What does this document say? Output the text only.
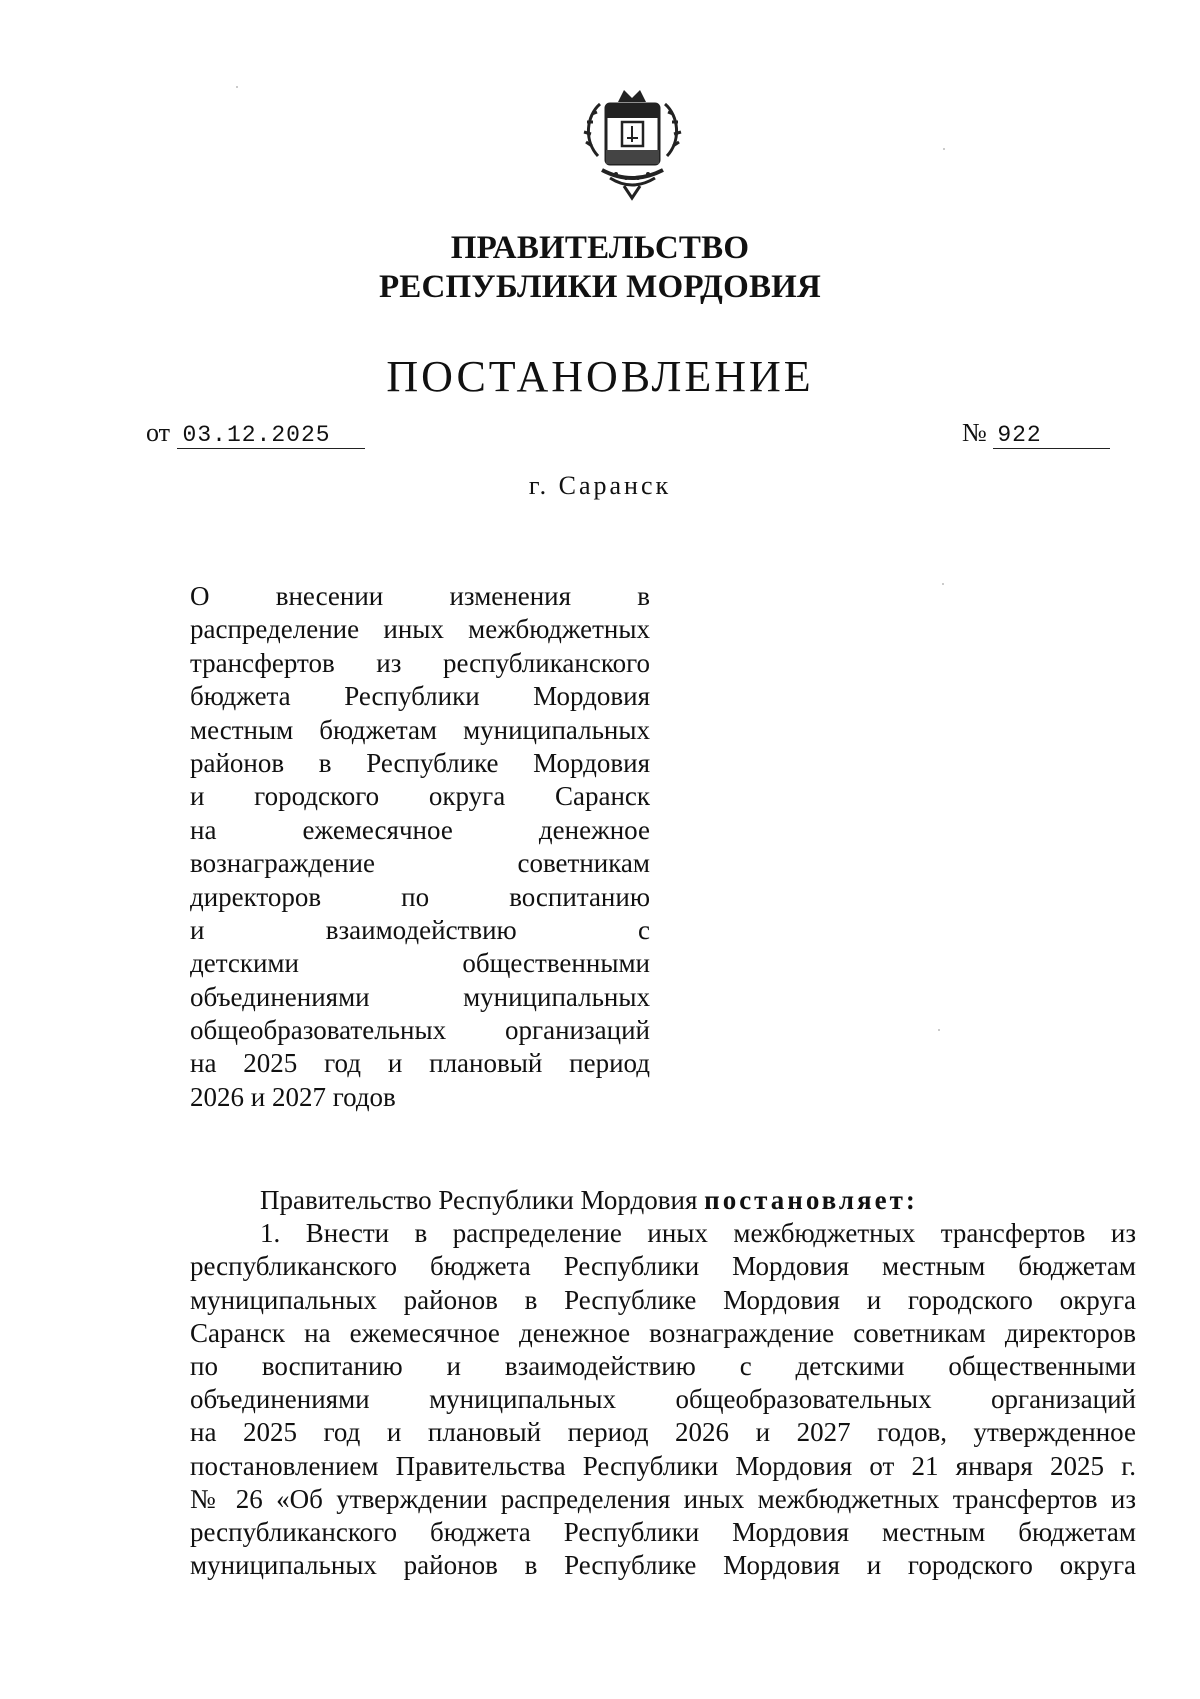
ПРАВИТЕЛЬСТВО
РЕСПУБЛИКИ МОРДОВИЯ
ПОСТАНОВЛЕНИЕ
от 03.12.2025	№ 922
г. Саранск
О внесении изменения в
распределение иных межбюджетных
трансфертов из республиканского
бюджета Республики Мордовия
местным бюджетам муниципальных
районов в Республике Мордовия
и городского округа Саранск
на ежемесячное денежное
вознаграждение советникам
директоров по воспитанию
и взаимодействию с
детскими общественными
объединениями муниципальных
общеобразовательных организаций
на 2025 год и плановый период
2026 и 2027 годов
Правительство Республики Мордовия постановляет:
1. Внести в распределение иных межбюджетных трансфертов из
республиканского бюджета Республики Мордовия местным бюджетам
муниципальных районов в Республике Мордовия и городского округа
Саранск на ежемесячное денежное вознаграждение советникам директоров
по воспитанию и взаимодействию с детскими общественными
объединениями муниципальных общеобразовательных организаций
на 2025 год и плановый период 2026 и 2027 годов, утвержденное
постановлением Правительства Республики Мордовия от 21 января 2025 г.
№ 26 «Об утверждении распределения иных межбюджетных трансфертов из
республиканского бюджета Республики Мордовия местным бюджетам
муниципальных районов в Республике Мордовия и городского округа
